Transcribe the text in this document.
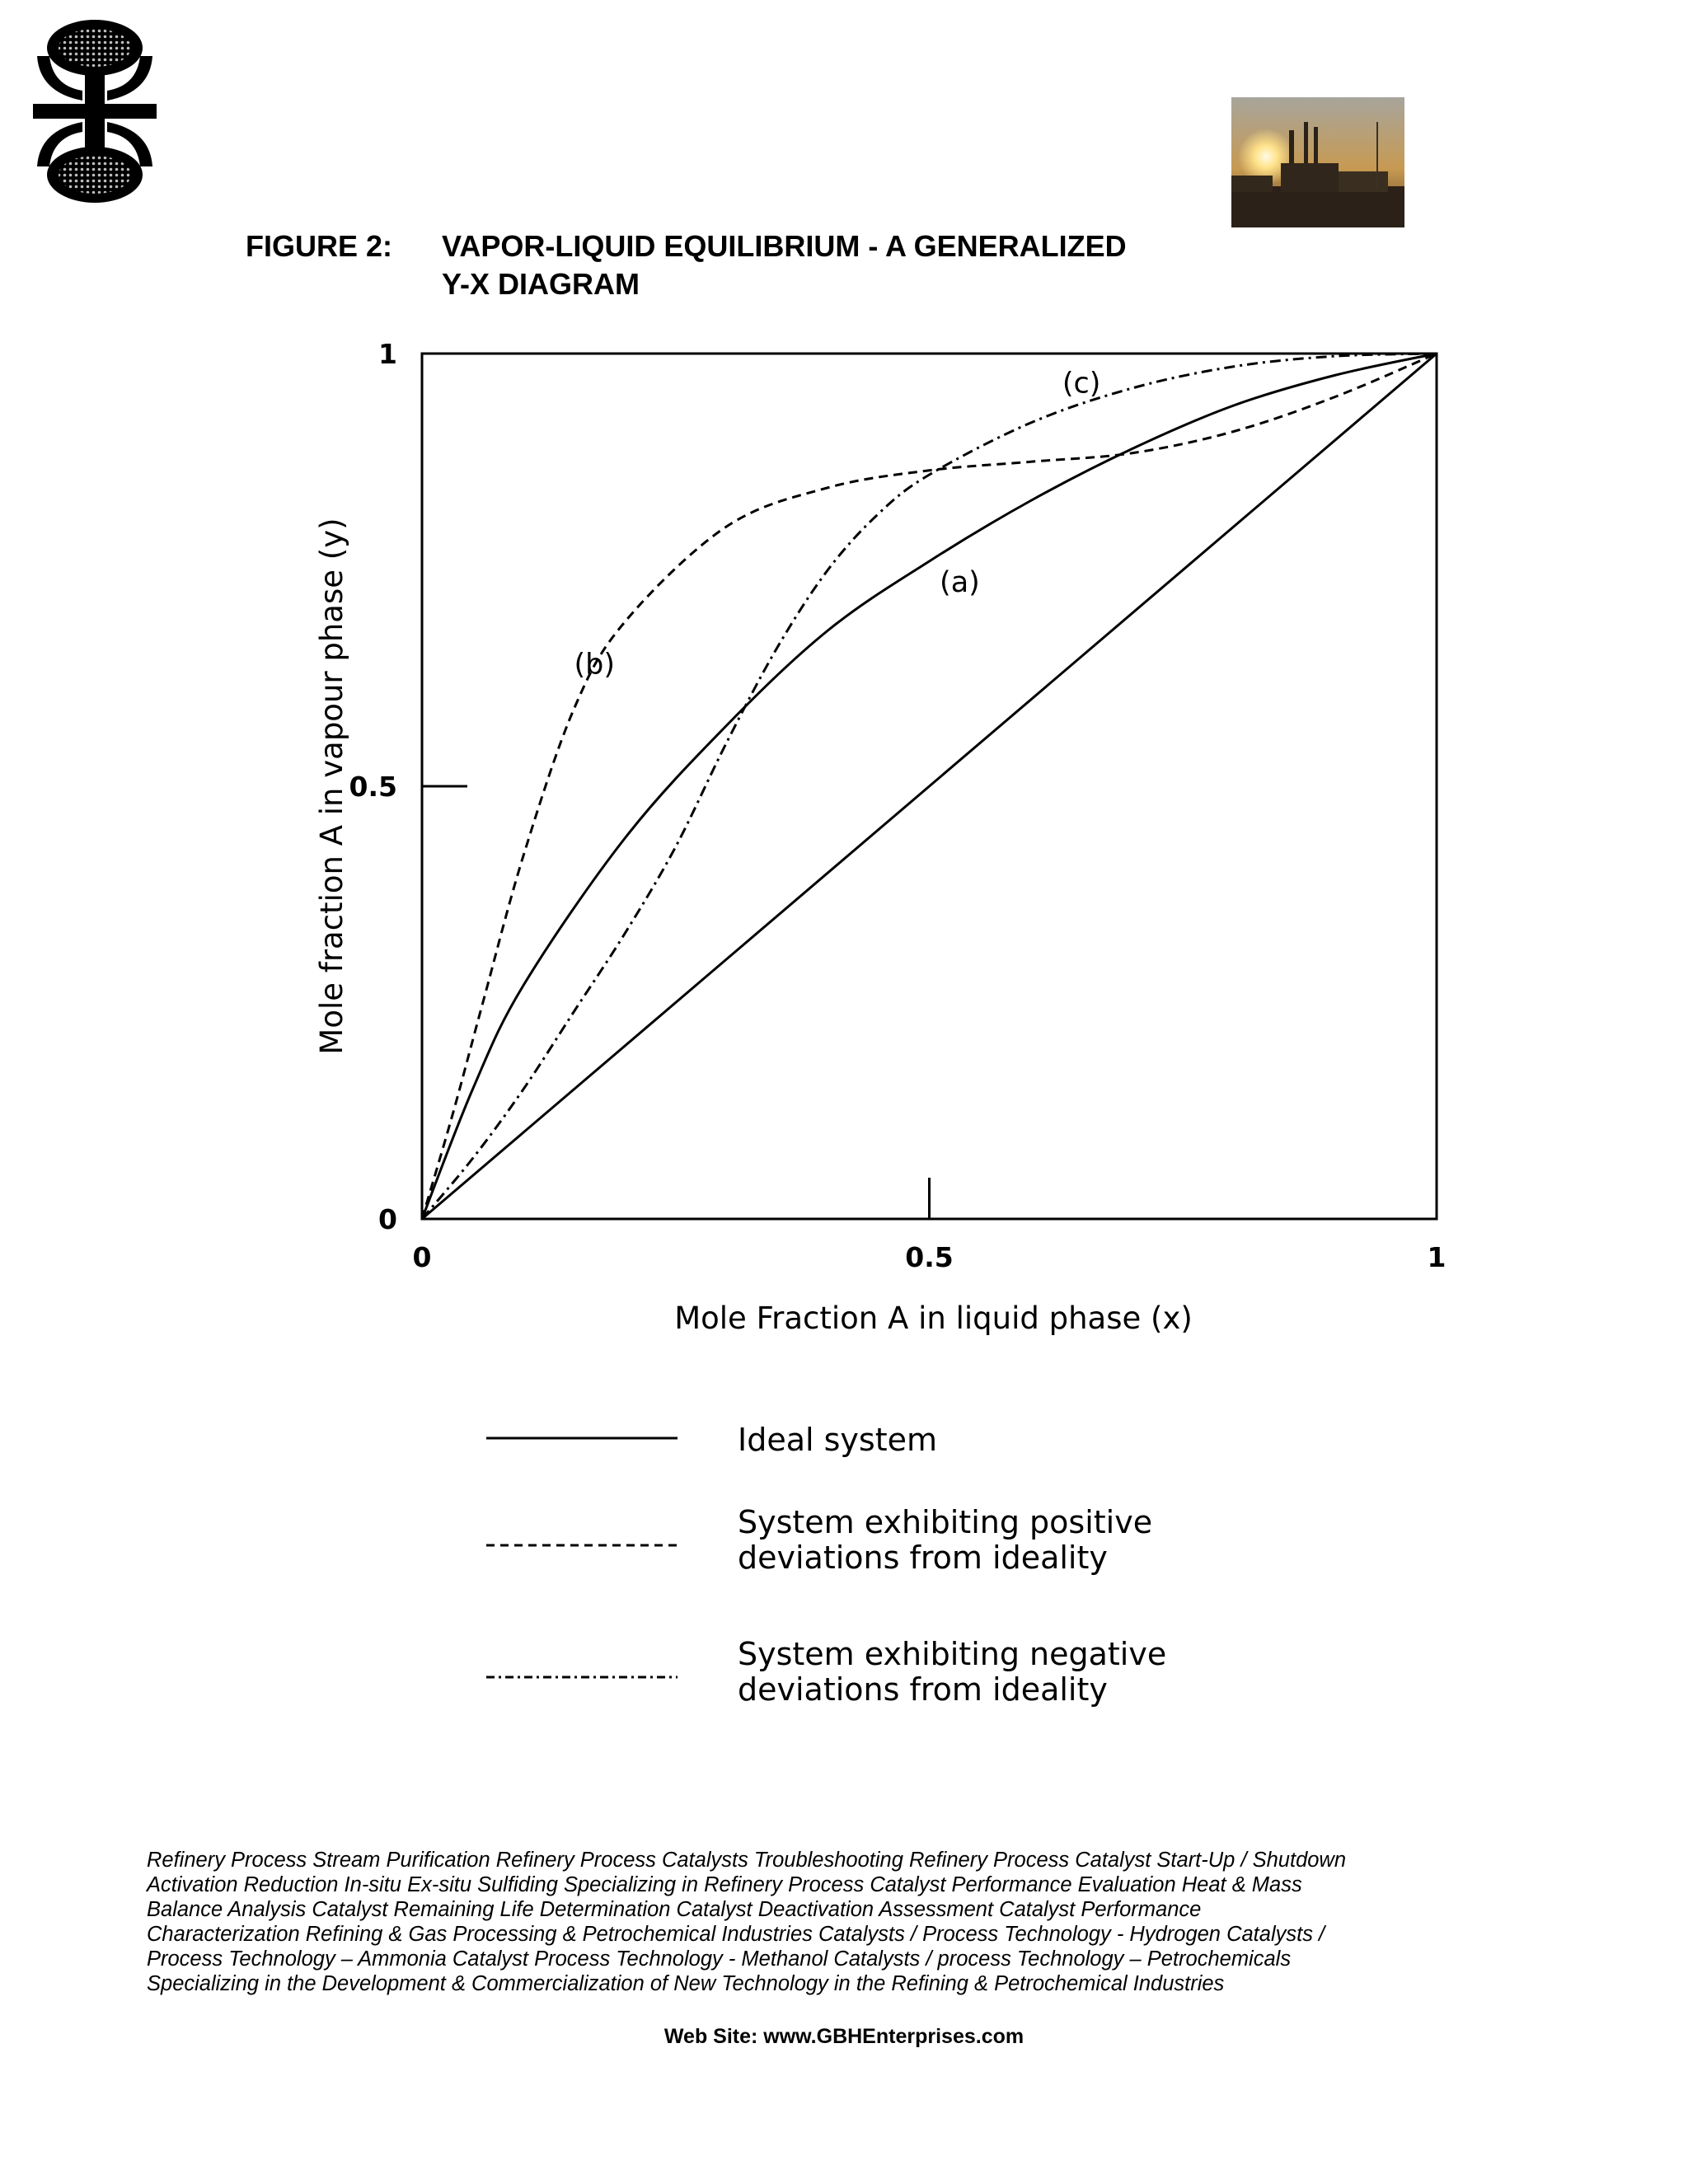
FIGURE 2: VAPOR-LIQUID EQUILIBRIUM - A GENERALIZED
Y-X DIAGRAM
0	0.5	1
0
0.5
1
Mole Fraction A in liquid phase (x)
Mole fraction A in vapour phase (y)	(a)
(b)
(c)
Ideal system
System exhibiting positive
deviations from ideality
System exhibiting negative
deviations from ideality
Refinery Process Stream Purification Refinery Process Catalysts Troubleshooting Refinery Process Catalyst Start-Up / Shutdown
Activation Reduction In-situ Ex-situ Sulfiding Specializing in Refinery Process Catalyst Performance Evaluation Heat & Mass
Balance Analysis Catalyst Remaining Life Determination Catalyst Deactivation Assessment Catalyst Performance
Characterization Refining & Gas Processing & Petrochemical Industries Catalysts / Process Technology - Hydrogen Catalysts /
Process Technology – Ammonia Catalyst Process Technology - Methanol Catalysts / process Technology – Petrochemicals
Specializing in the Development & Commercialization of New Technology in the Refining & Petrochemical Industries
Web Site: www.GBHEnterprises.com
